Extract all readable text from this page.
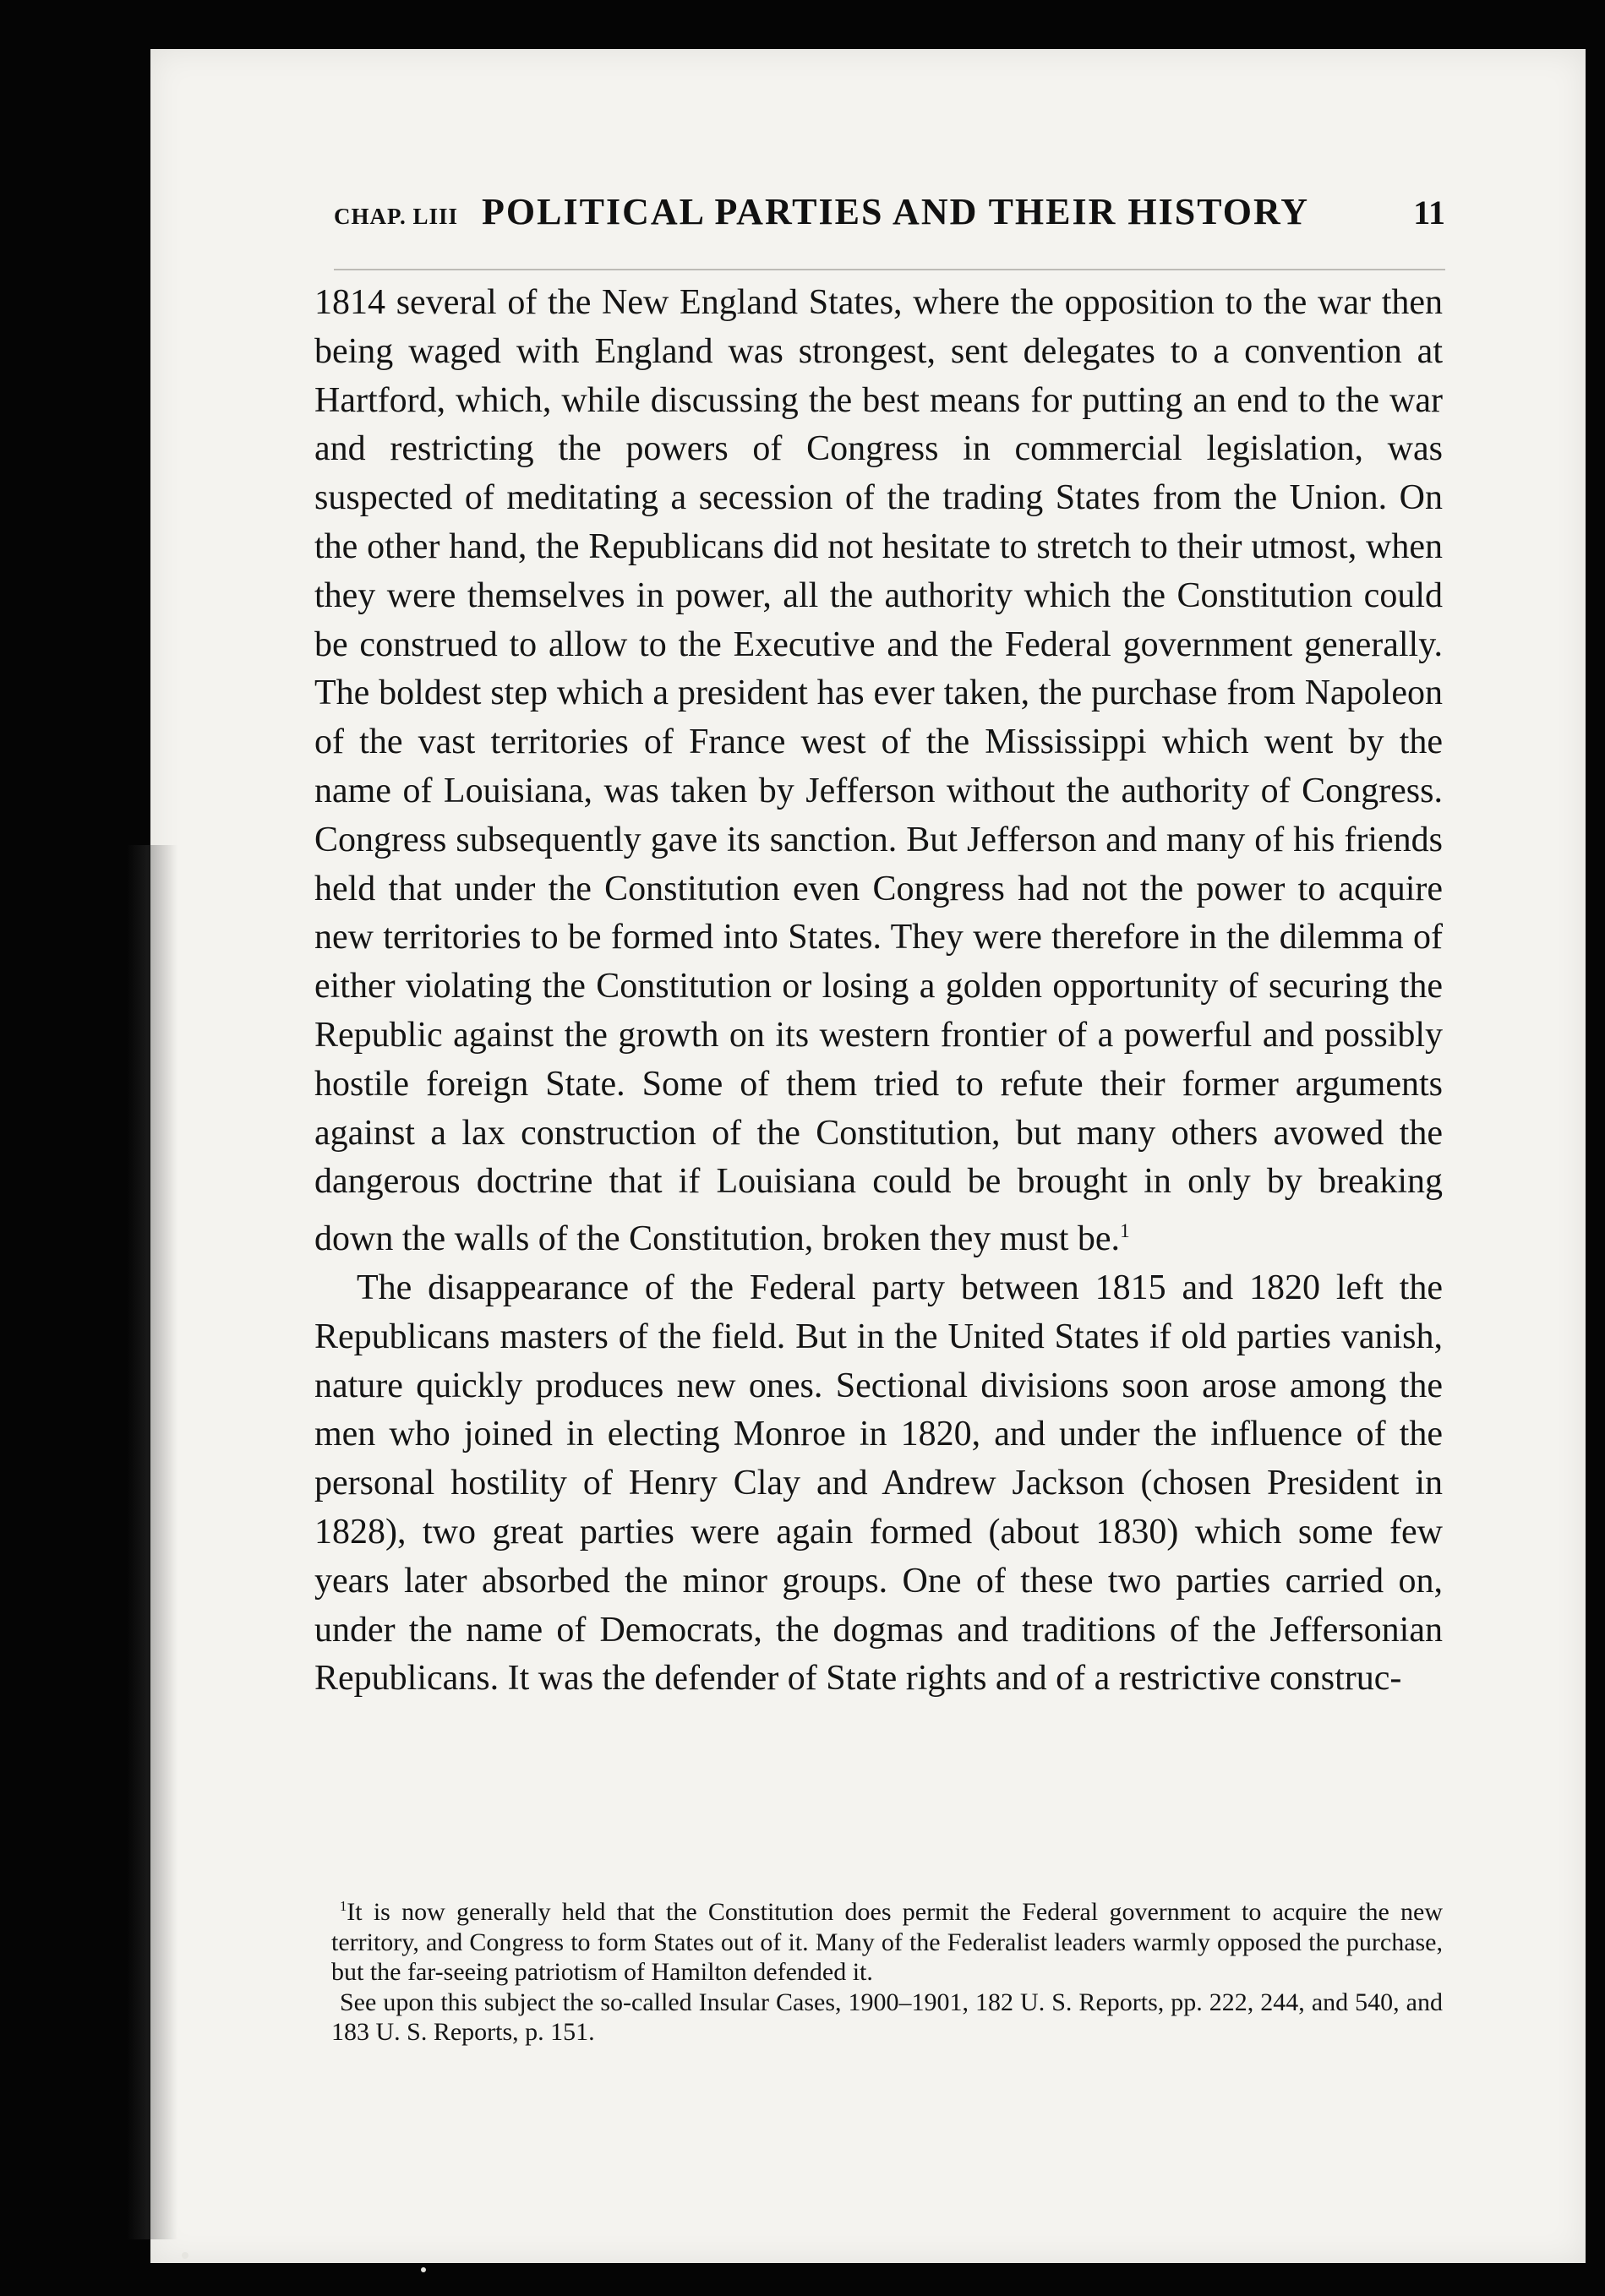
CHAP. LIII POLITICAL PARTIES AND THEIR HISTORY	11

1814 several of the New England States, where the opposition to the war then being waged with England was strongest, sent delegates to a convention at Hartford, which, while discussing the best means for putting an end to the war and restricting the powers of Congress in commercial legislation, was suspected of meditating a secession of the trading States from the Union. On the other hand, the Republicans did not hesitate to stretch to their utmost, when they were themselves in power, all the authority which the Constitution could be construed to allow to the Executive and the Federal government generally. The boldest step which a president has ever taken, the purchase from Napoleon of the vast territories of France west of the Mississippi which went by the name of Louisiana, was taken by Jefferson without the authority of Congress. Congress subsequently gave its sanction. But Jefferson and many of his friends held that under the Constitution even Congress had not the power to acquire new territories to be formed into States. They were therefore in the dilemma of either violating the Constitution or losing a golden opportunity of securing the Republic against the growth on its western frontier of a powerful and possibly hostile foreign State. Some of them tried to refute their former arguments against a lax construction of the Constitution, but many others avowed the dangerous doctrine that if Louisiana could be brought in only by breaking down the walls of the Constitution, broken they must be.$^1$

The disappearance of the Federal party between 1815 and 1820 left the Republicans masters of the field. But in the United States if old parties vanish, nature quickly produces new ones. Sectional divisions soon arose among the men who joined in electing Monroe in 1820, and under the influence of the personal hostility of Henry Clay and Andrew Jackson (chosen President in 1828), two great parties were again formed (about 1830) which some few years later absorbed the minor groups. One of these two parties carried on, under the name of Democrats, the dogmas and traditions of the Jeffersonian Republicans. It was the defender of State rights and of a restrictive construc-

$^1$It is now generally held that the Constitution does permit the Federal government to acquire the new territory, and Congress to form States out of it. Many of the Federalist leaders warmly opposed the purchase, but the far-seeing patriotism of Hamilton defended it.

See upon this subject the so-called Insular Cases, 1900–1901, 182 U. S. Reports, pp. 222, 244, and 540, and 183 U. S. Reports, p. 151.
